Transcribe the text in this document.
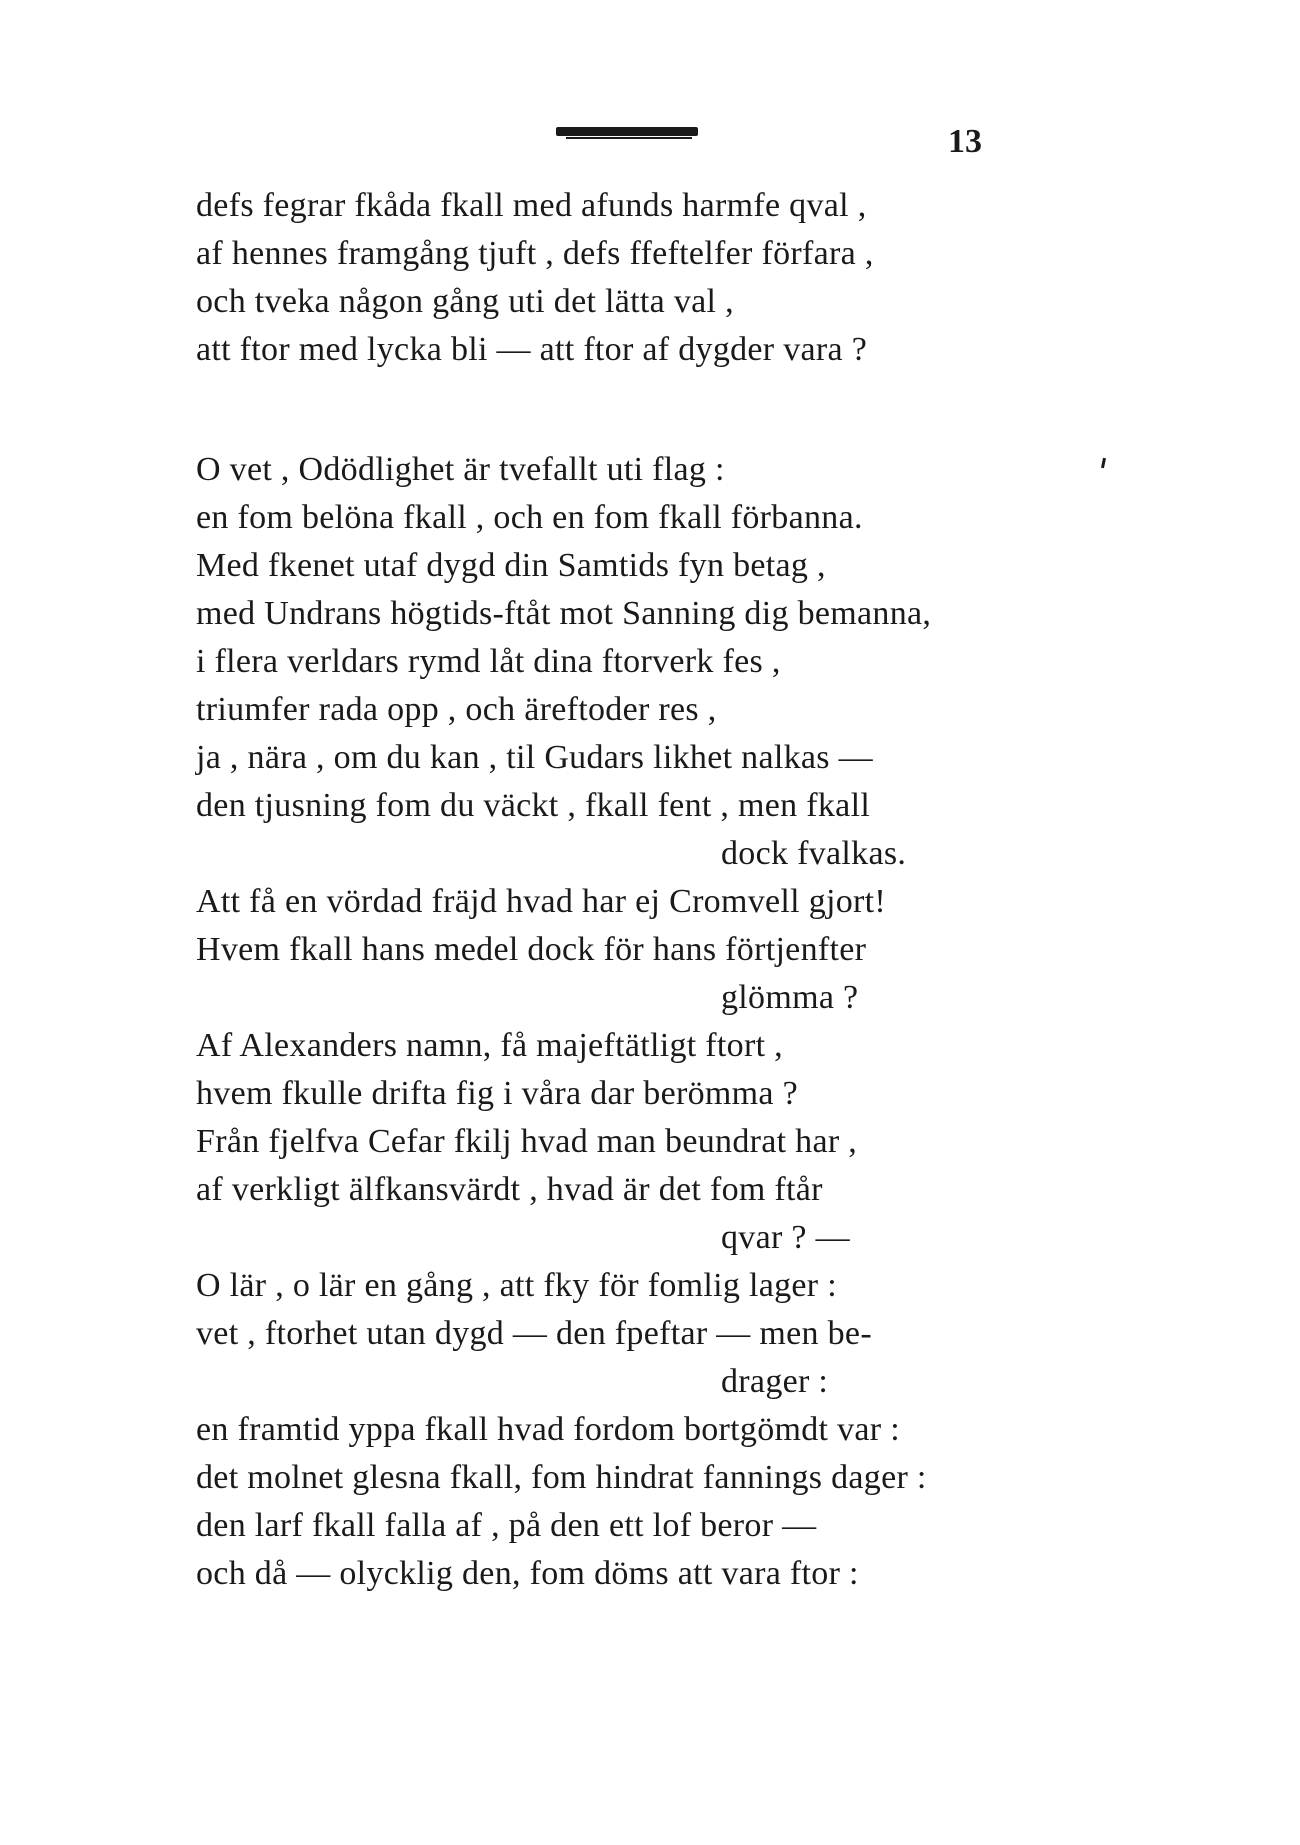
13
defs fegrar fkåda fkall med afunds harmfe qval ,
af hennes framgång tjuft , defs ffeftelfer förfara ,
och tveka någon gång uti det lätta val ,
att ftor med lycka bli — att ftor af dygder vara ?
O vet , Odödlighet är tvefallt uti flag :
en fom belöna fkall , och en fom fkall förbanna.
Med fkenet utaf dygd din Samtids fyn betag ,
med Undrans högtids-ftåt mot Sanning dig bemanna,
i flera verldars rymd låt dina ftorverk fes ,
triumfer rada opp , och äreftoder res ,
ja , nära , om du kan , til Gudars likhet nalkas —
den tjusning fom du väckt , fkall fent , men fkall
dock fvalkas.
Att få en vördad fräjd hvad har ej Cromvell gjort!
Hvem fkall hans medel dock för hans förtjenfter
glömma ?
Af Alexanders namn, få majeftätligt ftort ,
hvem fkulle drifta fig i våra dar berömma ?
Från fjelfva Cefar fkilj hvad man beundrat har ,
af verkligt älfkansvärdt , hvad är det fom ftår
qvar ? —
O lär , o lär en gång , att fky för fomlig lager :
vet , ftorhet utan dygd — den fреftar — men be-
drager :
en framtid yppa fkall hvad fordom bortgömdt var :
det molnet glesna fkall, fom hindrat fannings dager :
den larf fkall falla af , på den ett lof beror —
och då — olycklig den, fom döms att vara ftor :
